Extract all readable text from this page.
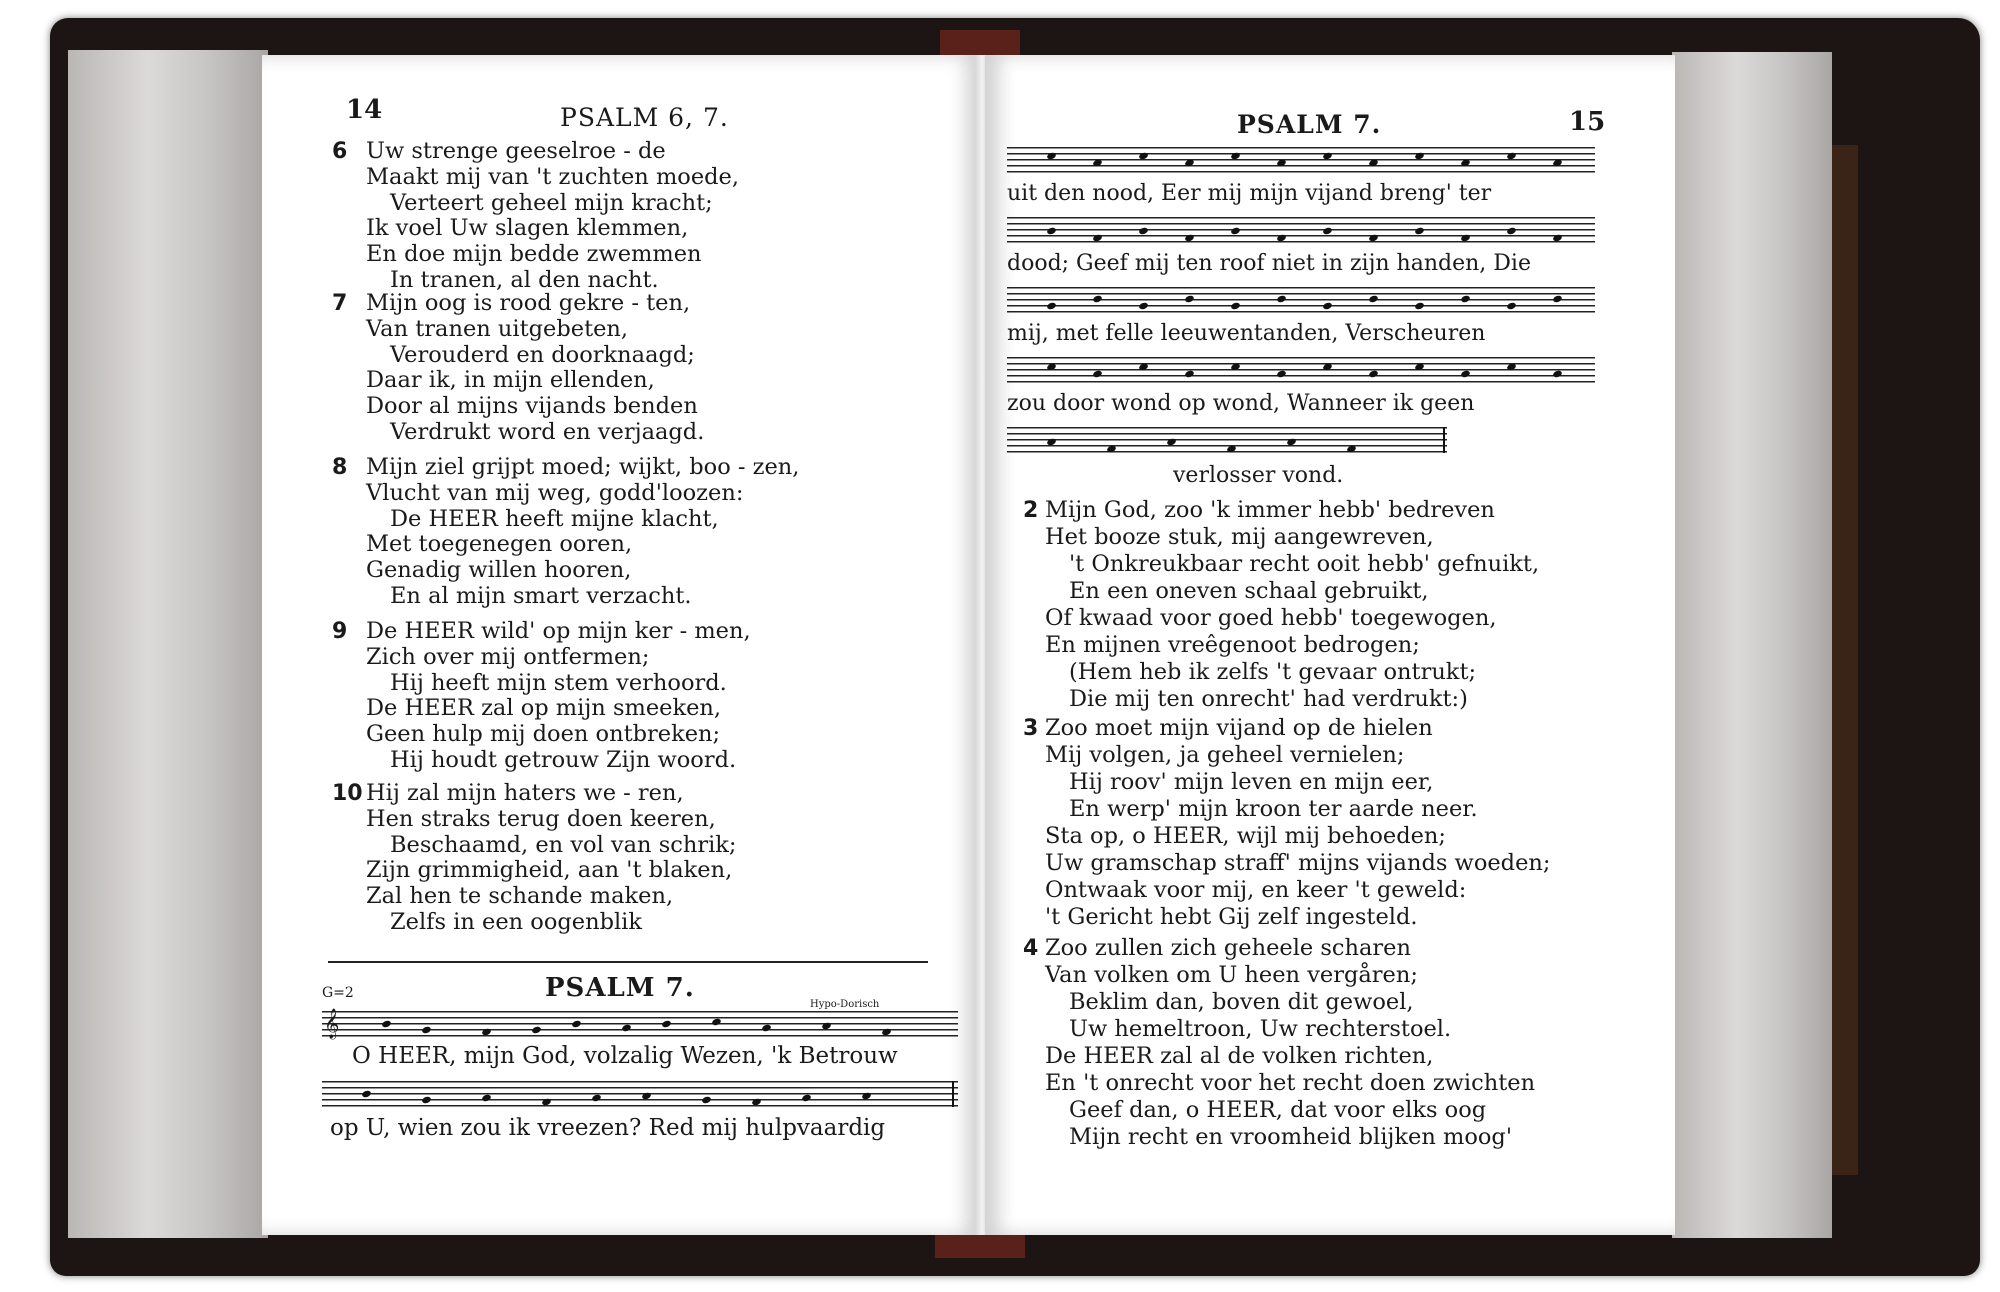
14	PSALM 6, 7.
6 Uw strenge geeselroe - de
Maakt mij van 't zuchten moede,
Verteert geheel mijn kracht;
Ik voel Uw slagen klemmen,
En doe mijn bedde zwemmen
In tranen, al den nacht.
7 Mijn oog is rood gekre - ten,
Van tranen uitgebeten,
Verouderd en doorknaagd;
Daar ik, in mijn ellenden,
Door al mijns vijands benden
Verdrukt word en verjaagd.
8 Mijn ziel grijpt moed; wijkt, boo - zen,
Vlucht van mij weg, godd'loozen:
De HEER heeft mijne klacht,
Met toegenegen ooren,
Genadig willen hooren,
En al mijn smart verzacht.
9 De HEER wild' op mijn ker - men,
Zich over mij ontfermen;
Hij heeft mijn stem verhoord.
De HEER zal op mijn smeeken,
Geen hulp mij doen ontbreken;
Hij houdt getrouw Zijn woord.
10 Hij zal mijn haters we - ren,
Hen straks terug doen keeren,
Beschaamd, en vol van schrik;
Zijn grimmigheid, aan 't blaken,
Zal hen te schande maken,
Zelfs in een oogenblik
G=2	PSALM 7.
Hypo-Dorisch
𝄞
O HEER, mijn God, volzalig Wezen, 'k Betrouw
op U, wien zou ik vreezen? Red mij hulpvaardig
PSALM 7.	15
uit den nood, Eer mij mijn vijand breng' ter
dood; Geef mij ten roof niet in zijn handen, Die
mij, met felle leeuwentanden, Verscheuren
zou door wond op wond, Wanneer ik geen
verlosser vond.
2 Mijn God, zoo 'k immer hebb' bedreven
Het booze stuk, mij aangewreven,
't Onkreukbaar recht ooit hebb' gefnuikt,
En een oneven schaal gebruikt,
Of kwaad voor goed hebb' toegewogen,
En mijnen vreêgenoot bedrogen;
(Hem heb ik zelfs 't gevaar ontrukt;
Die mij ten onrecht' had verdrukt:)
3 Zoo moet mijn vijand op de hielen
Mij volgen, ja geheel vernielen;
Hij roov' mijn leven en mijn eer,
En werp' mijn kroon ter aarde neer.
Sta op, o HEER, wijl mij behoeden;
Uw gramschap straff' mijns vijands woeden;
Ontwaak voor mij, en keer 't geweld:
't Gericht hebt Gij zelf ingesteld.
4 Zoo zullen zich geheele scharen
Van volken om U heen vergåren;
Beklim dan, boven dit gewoel,
Uw hemeltroon, Uw rechterstoel.
De HEER zal al de volken richten,
En 't onrecht voor het recht doen zwichten
Geef dan, o HEER, dat voor elks oog
Mijn recht en vroomheid blijken moog'
